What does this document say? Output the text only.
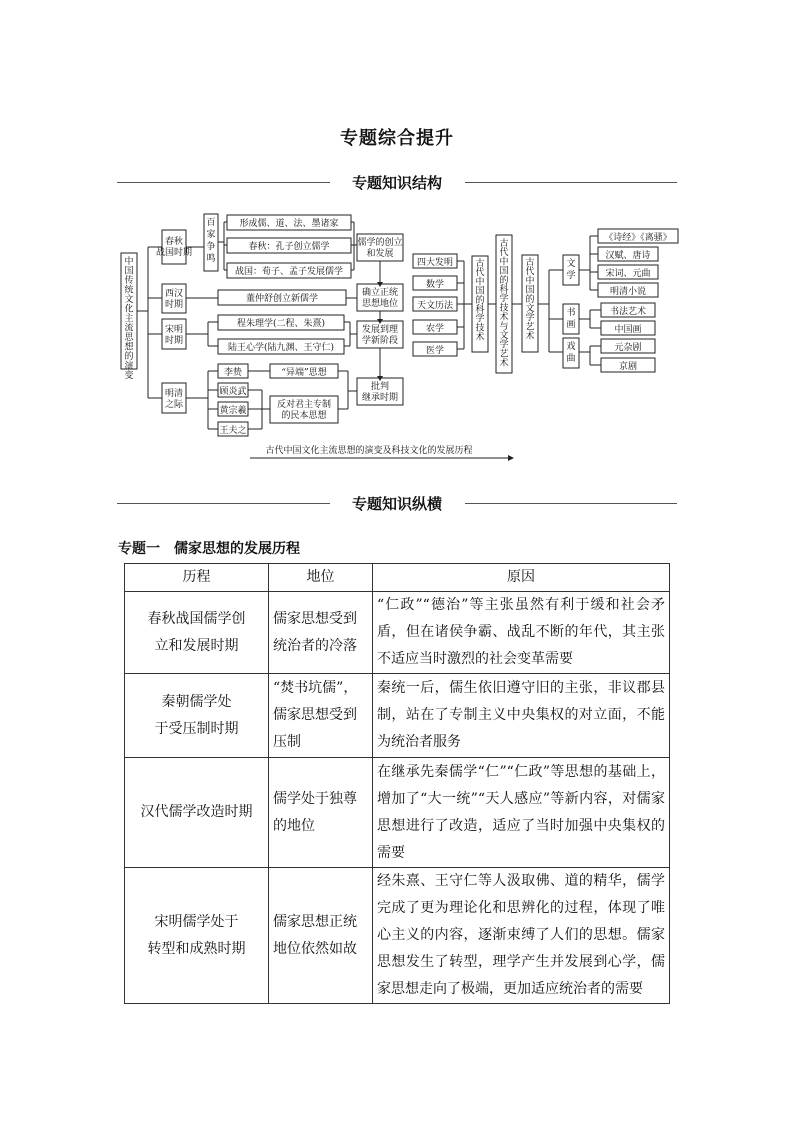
专题综合提升
专题知识结构
中国传统文化主流思想的演变
春秋
战国时期
西汉
时期
宋明
时期
明清
之际
百家争鸣
形成儒、道、法、墨诸家
春秋：孔子创立儒学
战国：荀子、孟子发展儒学
儒学的创立
和发展
董仲舒创立新儒学
确立正统
思想地位
程朱理学(二程、朱熹)
陆王心学(陆九渊、王守仁)
发展到理
学新阶段
李贽
顾炎武
黄宗羲
王夫之
“异端”思想
反对君主专制
的民本思想
批判
继承时期
古代中国的科学技术与文学艺术
古代中国的科学技术
四大发明
数学
天文历法
农学
医学
古代中国的文学艺术
文学
书画
戏曲
《诗经》《离骚》
汉赋、唐诗
宋词、元曲
明清小说
书法艺术
中国画
元杂剧
京剧
古代中国文化主流思想的演变及科技文化的发展历程
专题知识纵横
专题一 儒家思想的发展历程
历程	地位	原因

春秋战国儒学创
立和发展时期	儒家思想受到
统治者的冷落	“仁政”“德治”等主张虽然有利于缓和社会矛盾，但在诸侯争霸、战乱不断的年代，其主张不适应当时激烈的社会变革需要

秦朝儒学处
于受压制时期	“焚书坑儒”，
儒家思想受到
压制	秦统一后，儒生依旧遵守旧的主张，非议郡县制，站在了专制主义中央集权的对立面，不能为统治者服务

汉代儒学改造时期	儒学处于独尊
的地位	在继承先秦儒学“仁”“仁政”等思想的基础上，增加了“大一统”“天人感应”等新内容，对儒家思想进行了改造，适应了当时加强中央集权的需要

宋明儒学处于
转型和成熟时期	儒家思想正统
地位依然如故	经朱熹、王守仁等人汲取佛、道的精华，儒学完成了更为理论化和思辨化的过程，体现了唯心主义的内容，逐渐束缚了人们的思想。儒家思想发生了转型，理学产生并发展到心学，儒家思想走向了极端，更加适应统治者的需要
